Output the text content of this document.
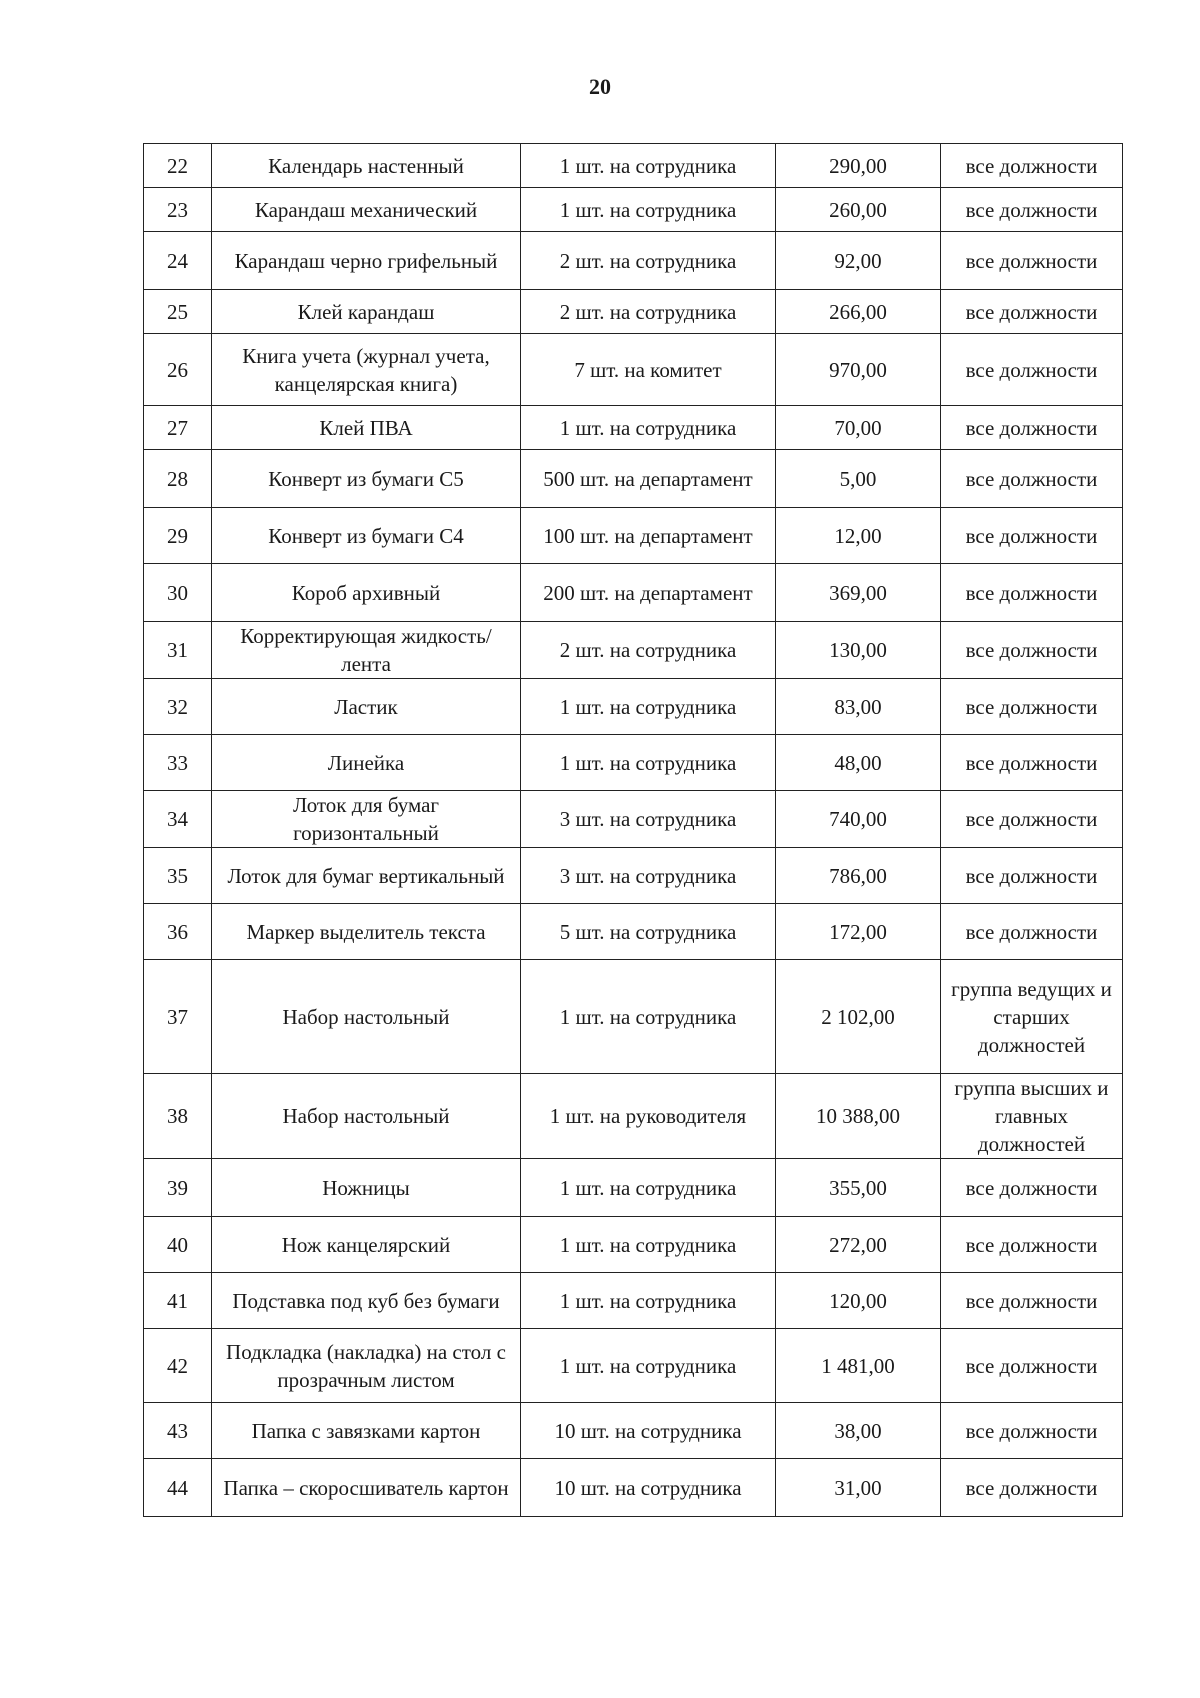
20
22	Календарь настенный	1 шт. на сотрудника	290,00	все должности
23	Карандаш механический	1 шт. на сотрудника	260,00	все должности
24	Карандаш черно грифельный	2 шт. на сотрудника	92,00	все должности
25	Клей карандаш	2 шт. на сотрудника	266,00	все должности
26	Книга учета (журнал учета, канцелярская книга)	7 шт. на комитет	970,00	все должности
27	Клей ПВА	1 шт. на сотрудника	70,00	все должности
28	Конверт из бумаги С5	500 шт. на департамент	5,00	все должности
29	Конверт из бумаги С4	100 шт. на департамент	12,00	все должности
30	Короб архивный	200 шт. на департамент	369,00	все должности
31	Корректирующая жидкость/лента	2 шт. на сотрудника	130,00	все должности
32	Ластик	1 шт. на сотрудника	83,00	все должности
33	Линейка	1 шт. на сотрудника	48,00	все должности
34	Лоток для бумаг горизонтальный	3 шт. на сотрудника	740,00	все должности
35	Лоток для бумаг вертикальный	3 шт. на сотрудника	786,00	все должности
36	Маркер выделитель текста	5 шт. на сотрудника	172,00	все должности
37	Набор настольный	1 шт. на сотрудника	2 102,00	группа ведущих и старших должностей
38	Набор настольный	1 шт. на руководителя	10 388,00	группа высших и главных должностей
39	Ножницы	1 шт. на сотрудника	355,00	все должности
40	Нож канцелярский	1 шт. на сотрудника	272,00	все должности
41	Подставка под куб без бумаги	1 шт. на сотрудника	120,00	все должности
42	Подкладка (накладка) на стол с прозрачным листом	1 шт. на сотрудника	1 481,00	все должности
43	Папка с завязками картон	10 шт. на сотрудника	38,00	все должности
44	Папка – скоросшиватель картон	10 шт. на сотрудника	31,00	все должности
